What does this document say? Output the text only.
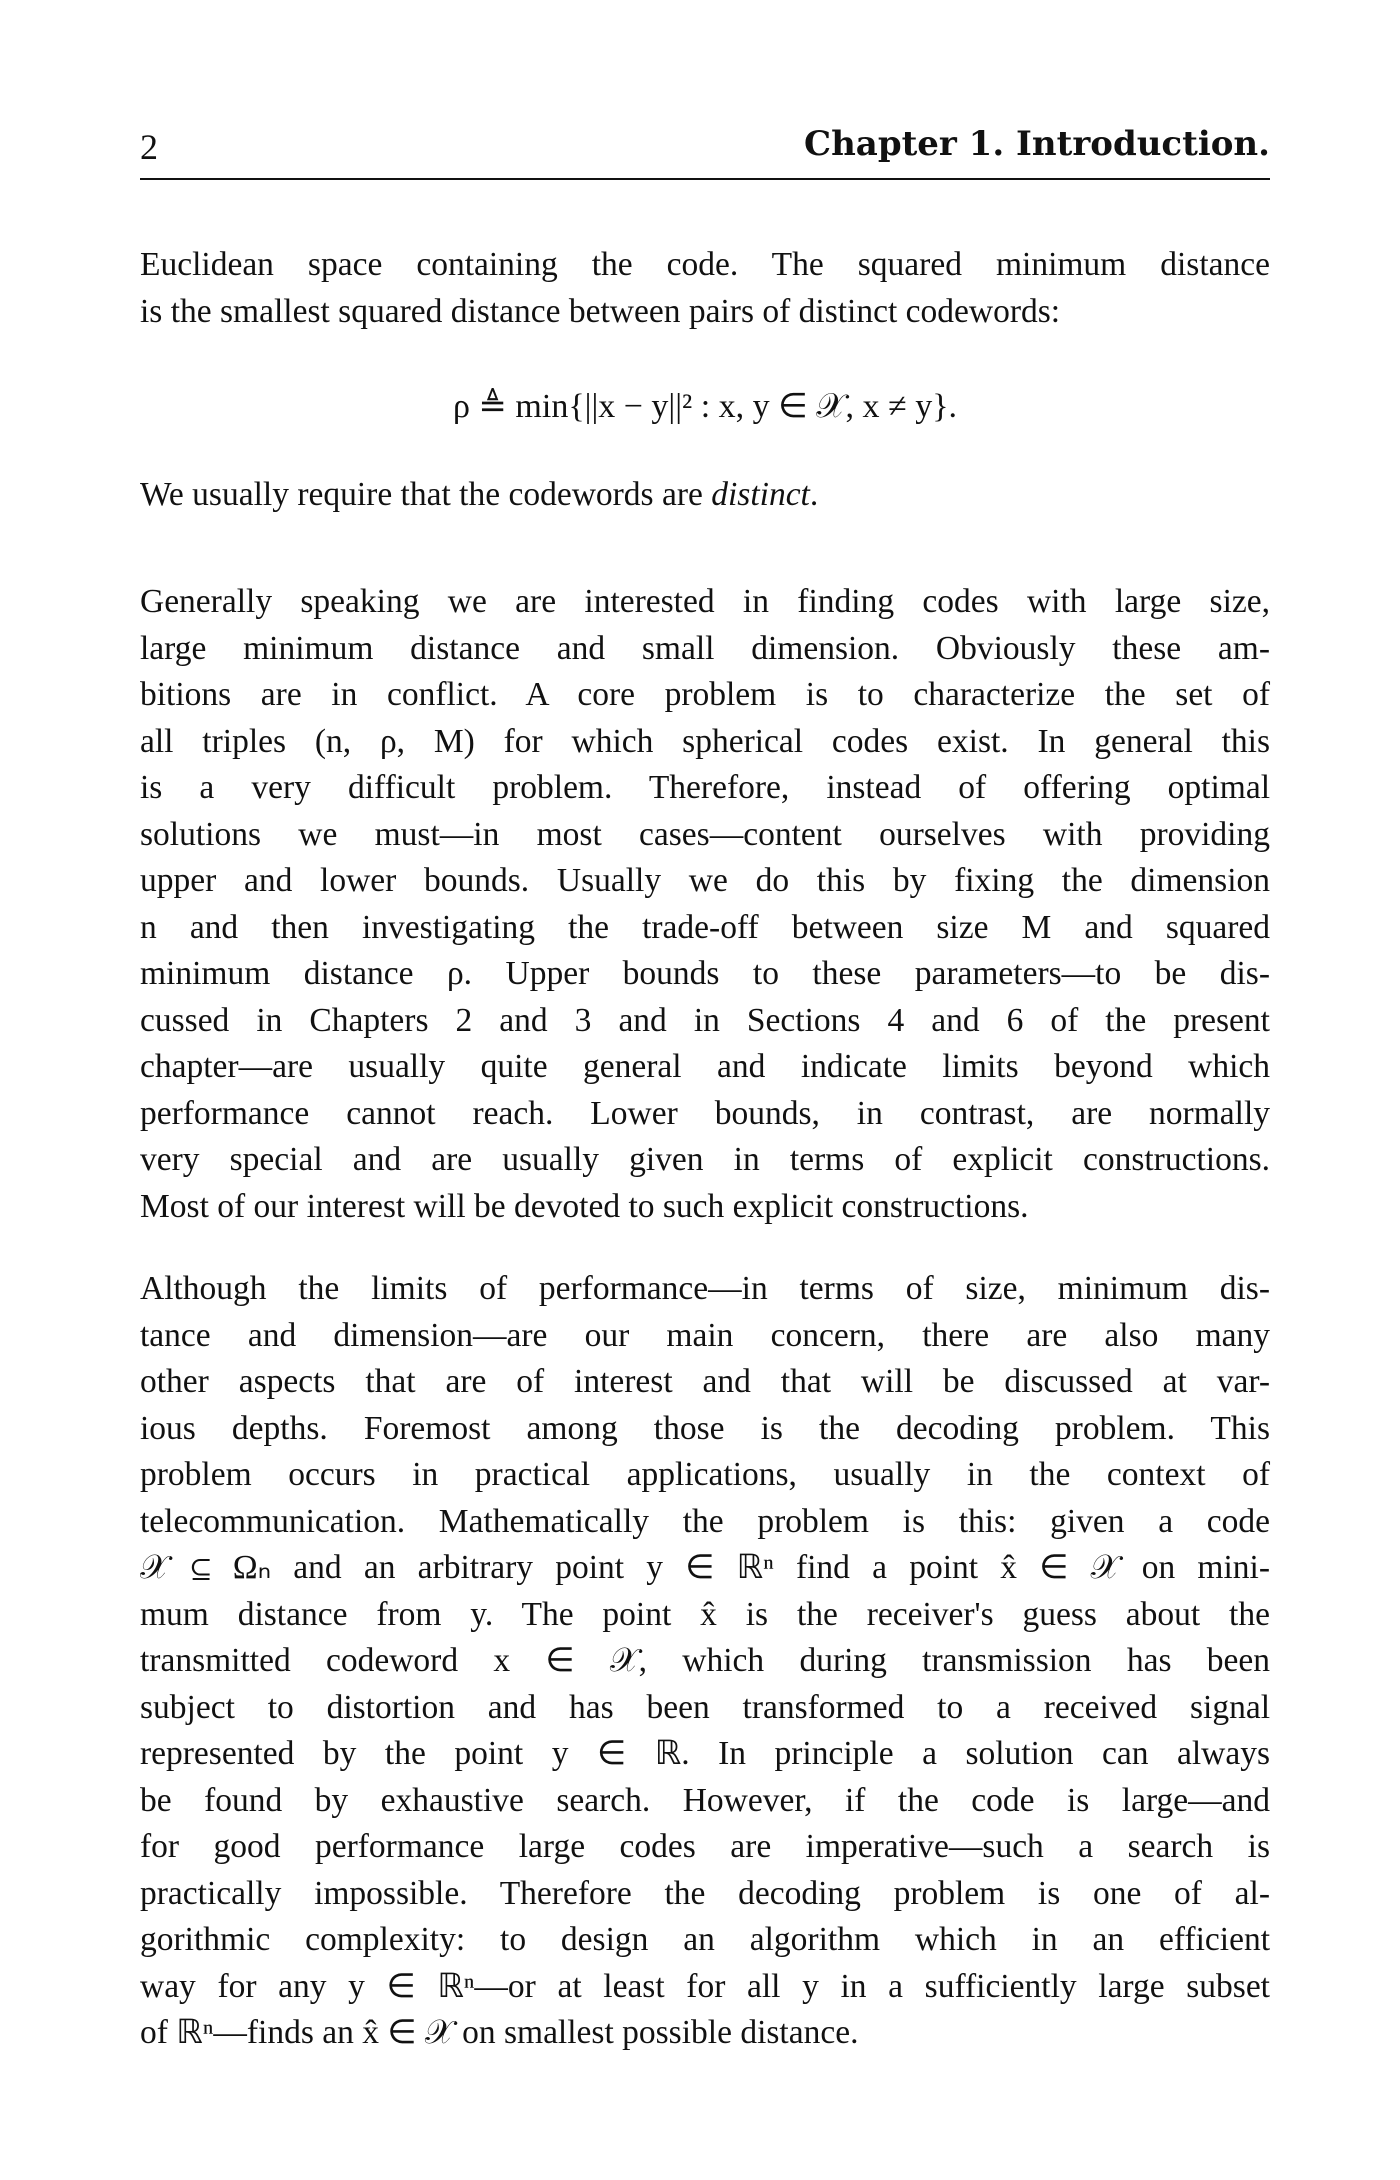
2	Chapter 1. Introduction.
Euclidean space containing the code. The squared minimum distance
is the smallest squared distance between pairs of distinct codewords:

ρ ≜ min{||x − y||² : x, y ∈ 𝒳, x ≠ y}.

We usually require that the codewords are distinct.
Generally speaking we are interested in finding codes with large size,
large minimum distance and small dimension. Obviously these am-
bitions are in conflict. A core problem is to characterize the set of
all triples (n, ρ, M) for which spherical codes exist. In general this
is a very difficult problem. Therefore, instead of offering optimal
solutions we must—in most cases—content ourselves with providing
upper and lower bounds. Usually we do this by fixing the dimension
n and then investigating the trade-off between size M and squared
minimum distance ρ. Upper bounds to these parameters—to be dis-
cussed in Chapters 2 and 3 and in Sections 4 and 6 of the present
chapter—are usually quite general and indicate limits beyond which
performance cannot reach. Lower bounds, in contrast, are normally
very special and are usually given in terms of explicit constructions.
Most of our interest will be devoted to such explicit constructions.
Although the limits of performance—in terms of size, minimum dis-
tance and dimension—are our main concern, there are also many
other aspects that are of interest and that will be discussed at var-
ious depths. Foremost among those is the decoding problem. This
problem occurs in practical applications, usually in the context of
telecommunication. Mathematically the problem is this: given a code
𝒳 ⊆ Ωₙ and an arbitrary point y ∈ ℝⁿ find a point x̂ ∈ 𝒳 on mini-
mum distance from y. The point x̂ is the receiver's guess about the
transmitted codeword x ∈ 𝒳, which during transmission has been
subject to distortion and has been transformed to a received signal
represented by the point y ∈ ℝ. In principle a solution can always
be found by exhaustive search. However, if the code is large—and
for good performance large codes are imperative—such a search is
practically impossible. Therefore the decoding problem is one of al-
gorithmic complexity: to design an algorithm which in an efficient
way for any y ∈ ℝⁿ—or at least for all y in a sufficiently large subset
of ℝⁿ—finds an x̂ ∈ 𝒳 on smallest possible distance.
